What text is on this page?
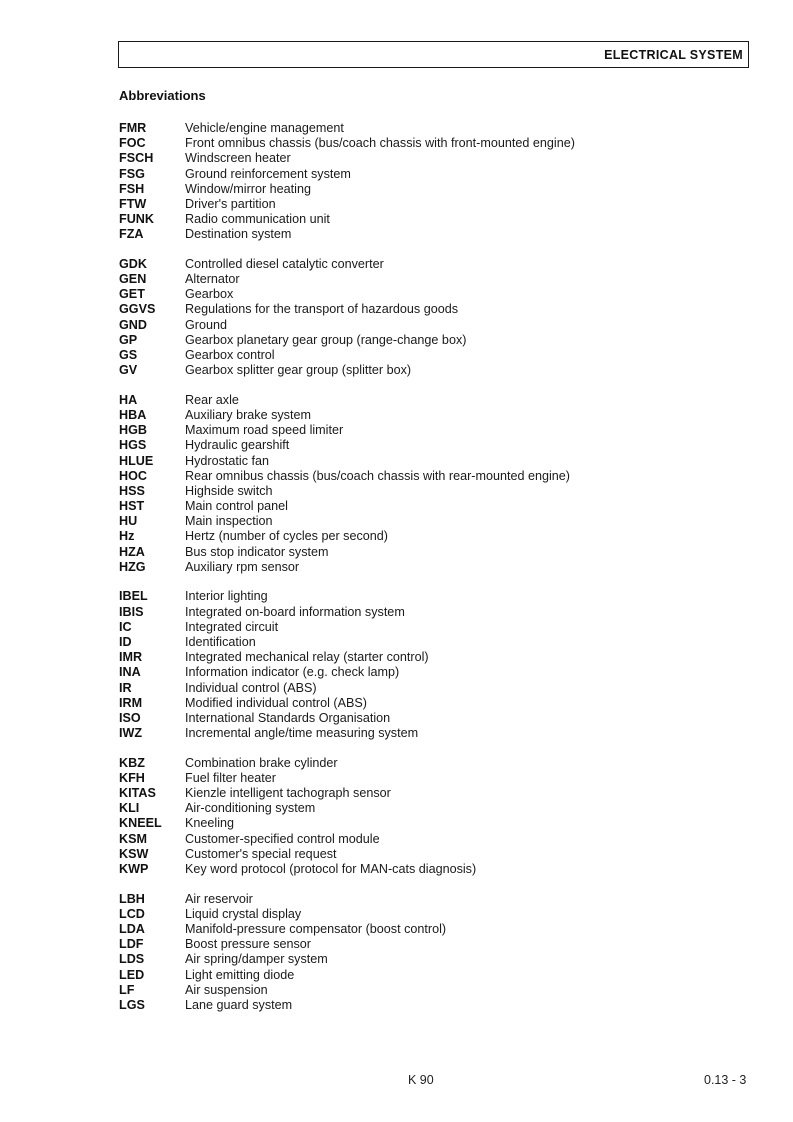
ELECTRICAL SYSTEM
Abbreviations
FMR	Vehicle/engine management
FOC	Front omnibus chassis (bus/coach chassis with front-mounted engine)
FSCH	Windscreen heater
FSG	Ground reinforcement system
FSH	Window/mirror heating
FTW	Driver's partition
FUNK Radio communication unit
FZA	Destination system
GDK	Controlled diesel catalytic converter
GEN	Alternator
GET	Gearbox
GGVS Regulations for the transport of hazardous goods
GND	Ground
GP	Gearbox planetary gear group (range-change box)
GS	Gearbox control
GV	Gearbox splitter gear group (splitter box)
HA	Rear axle
HBA	Auxiliary brake system
HGB	Maximum road speed limiter
HGS	Hydraulic gearshift
HLUE	Hydrostatic fan
HOC	Rear omnibus chassis (bus/coach chassis with rear-mounted engine)
HSS	Highside switch
HST	Main control panel
HU	Main inspection
Hz	Hertz (number of cycles per second)
HZA	Bus stop indicator system
HZG	Auxiliary rpm sensor
IBEL	Interior lighting
IBIS	Integrated on-board information system
IC	Integrated circuit
ID	Identification
IMR	Integrated mechanical relay (starter control)
INA	Information indicator (e.g. check lamp)
IR	Individual control (ABS)
IRM	Modified individual control (ABS)
ISO	International Standards Organisation
IWZ	Incremental angle/time measuring system
KBZ	Combination brake cylinder
KFH	Fuel filter heater
KITAS Kienzle intelligent tachograph sensor
KLI	Air-conditioning system
KNEEL Kneeling
KSM	Customer-specified control module
KSW	Customer's special request
KWP	Key word protocol (protocol for MAN-cats diagnosis)
LBH	Air reservoir
LCD	Liquid crystal display
LDA	Manifold-pressure compensator (boost control)
LDF	Boost pressure sensor
LDS	Air spring/damper system
LED	Light emitting diode
LF	Air suspension
LGS	Lane guard system
K 90	0.13 - 3
